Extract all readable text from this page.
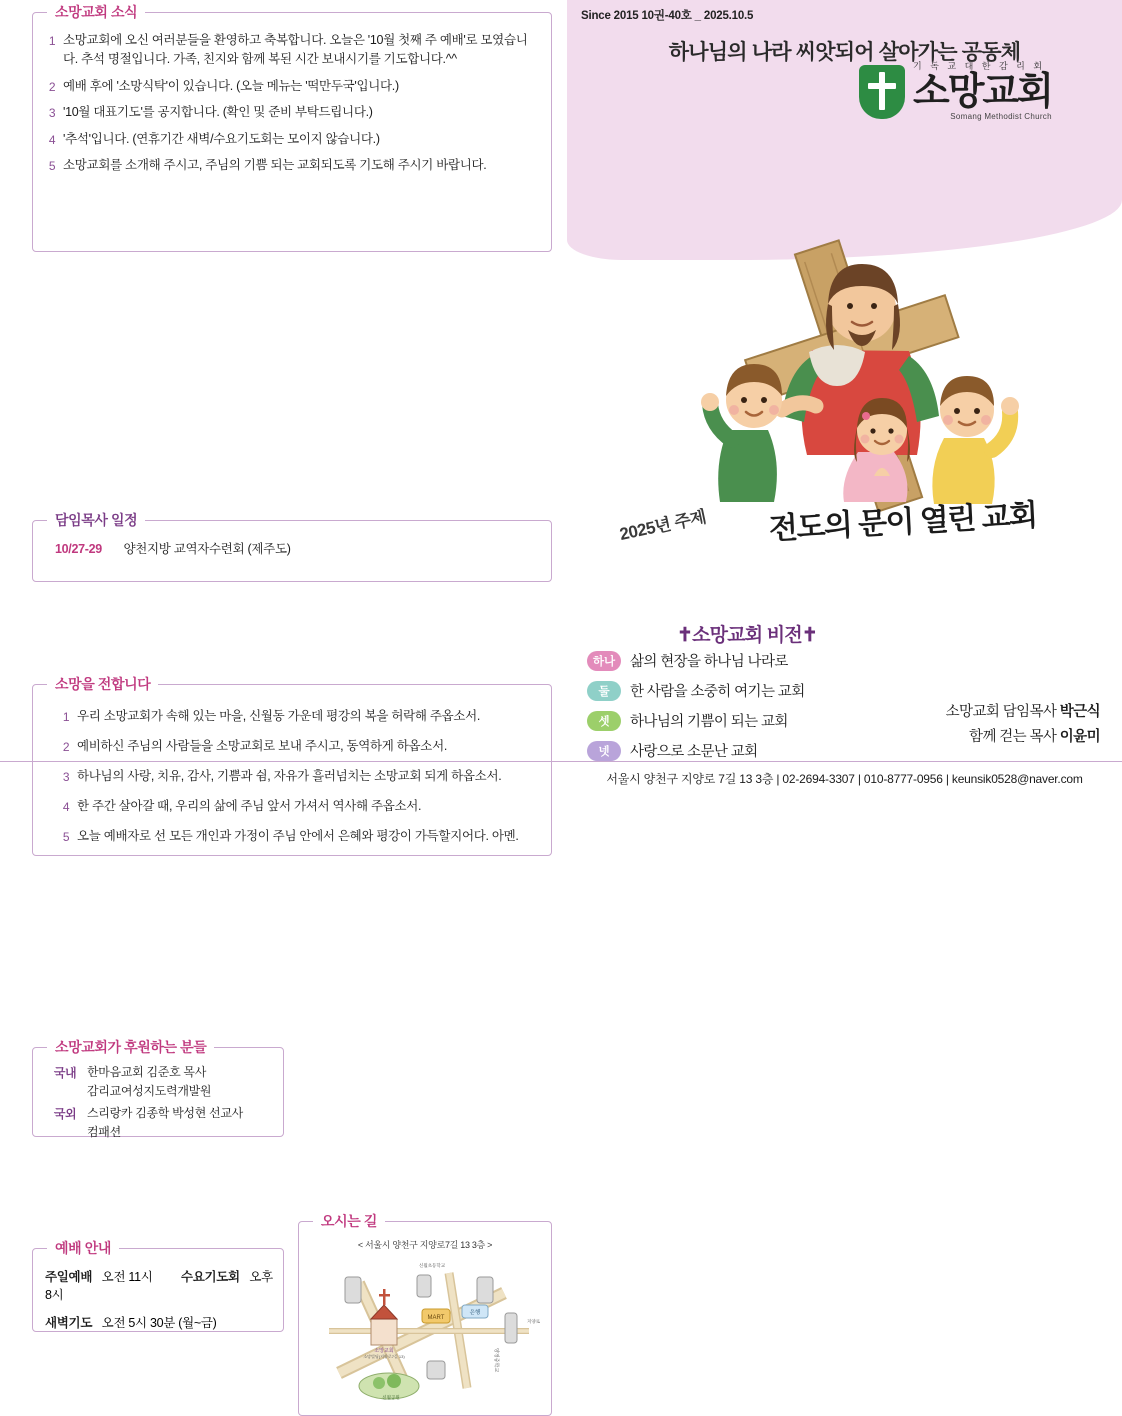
소망교회 소식
1 소망교회에 오신 여러분들을 환영하고 축복합니다. 오늘은 '10월 첫째 주 예배'로 모였습니다. 추석 명절입니다. 가족, 친지와 함께 복된 시간 보내시기를 기도합니다.^^
2 예배 후에 '소망식탁'이 있습니다. (오늘 메뉴는 '떡만두국'입니다.)
3 '10월 대표기도'를 공지합니다. (확인 및 준비 부탁드립니다.)
4 '추석'입니다. (연휴기간 새벽/수요기도회는 모이지 않습니다.)
5 소망교회를 소개해 주시고, 주님의 기쁨 되는 교회되도록 기도해 주시기 바랍니다.
담임목사 일정
10/27-29 양천지방 교역자수련회 (제주도)
소망을 전합니다
1 우리 소망교회가 속해 있는 마을, 신월동 가운데 평강의 복을 허락해 주옵소서.
2 예비하신 주님의 사람들을 소망교회로 보내 주시고, 동역하게 하옵소서.
3 하나님의 사랑, 치유, 감사, 기쁨과 쉼, 자유가 흘러넘치는 소망교회 되게 하옵소서.
4 한 주간 살아갈 때, 우리의 삶에 주님 앞서 가셔서 역사해 주옵소서.
5 오늘 예배자로 선 모든 개인과 가정이 주님 안에서 은혜와 평강이 가득할지어다. 아멘.
소망교회가 후원하는 분들
국내 한마음교회 김준호 목사
감리교여성지도력개발원
국외 스리랑카 김종학 박성현 선교사
컴패션
예배 안내
주일예배 오전 11시 수요기도회 오후 8시
새벽기도 오전 5시 30분 (월~금)
오시는 길
< 서울시 양천구 지양로7길 13 3층 >
MART
은행
소망교회
소망빌딩(지양로7길 13)
신월공원
양정중학교
신월초등학교
지양로
Since 2015 10권-40호 _ 2025.10.5
하나님의 나라 씨앗되어 살아가는 공동체
기 독 교 대 한 감 리 회
소망교회
Somang Methodist Church
2025년 주제 전도의 문이 열린 교회
✝소망교회 비전✝
하나	삶의 현장을 하나님 나라로
둘	한 사람을 소중히 여기는 교회
셋	하나님의 기쁨이 되는 교회
넷	사랑으로 소문난 교회
소망교회 담임목사 박근식
함께 걷는 목사 이윤미
서울시 양천구 지양로 7길 13 3층 | 02-2694-3307 | 010-8777-0956 | keunsik0528@naver.com
